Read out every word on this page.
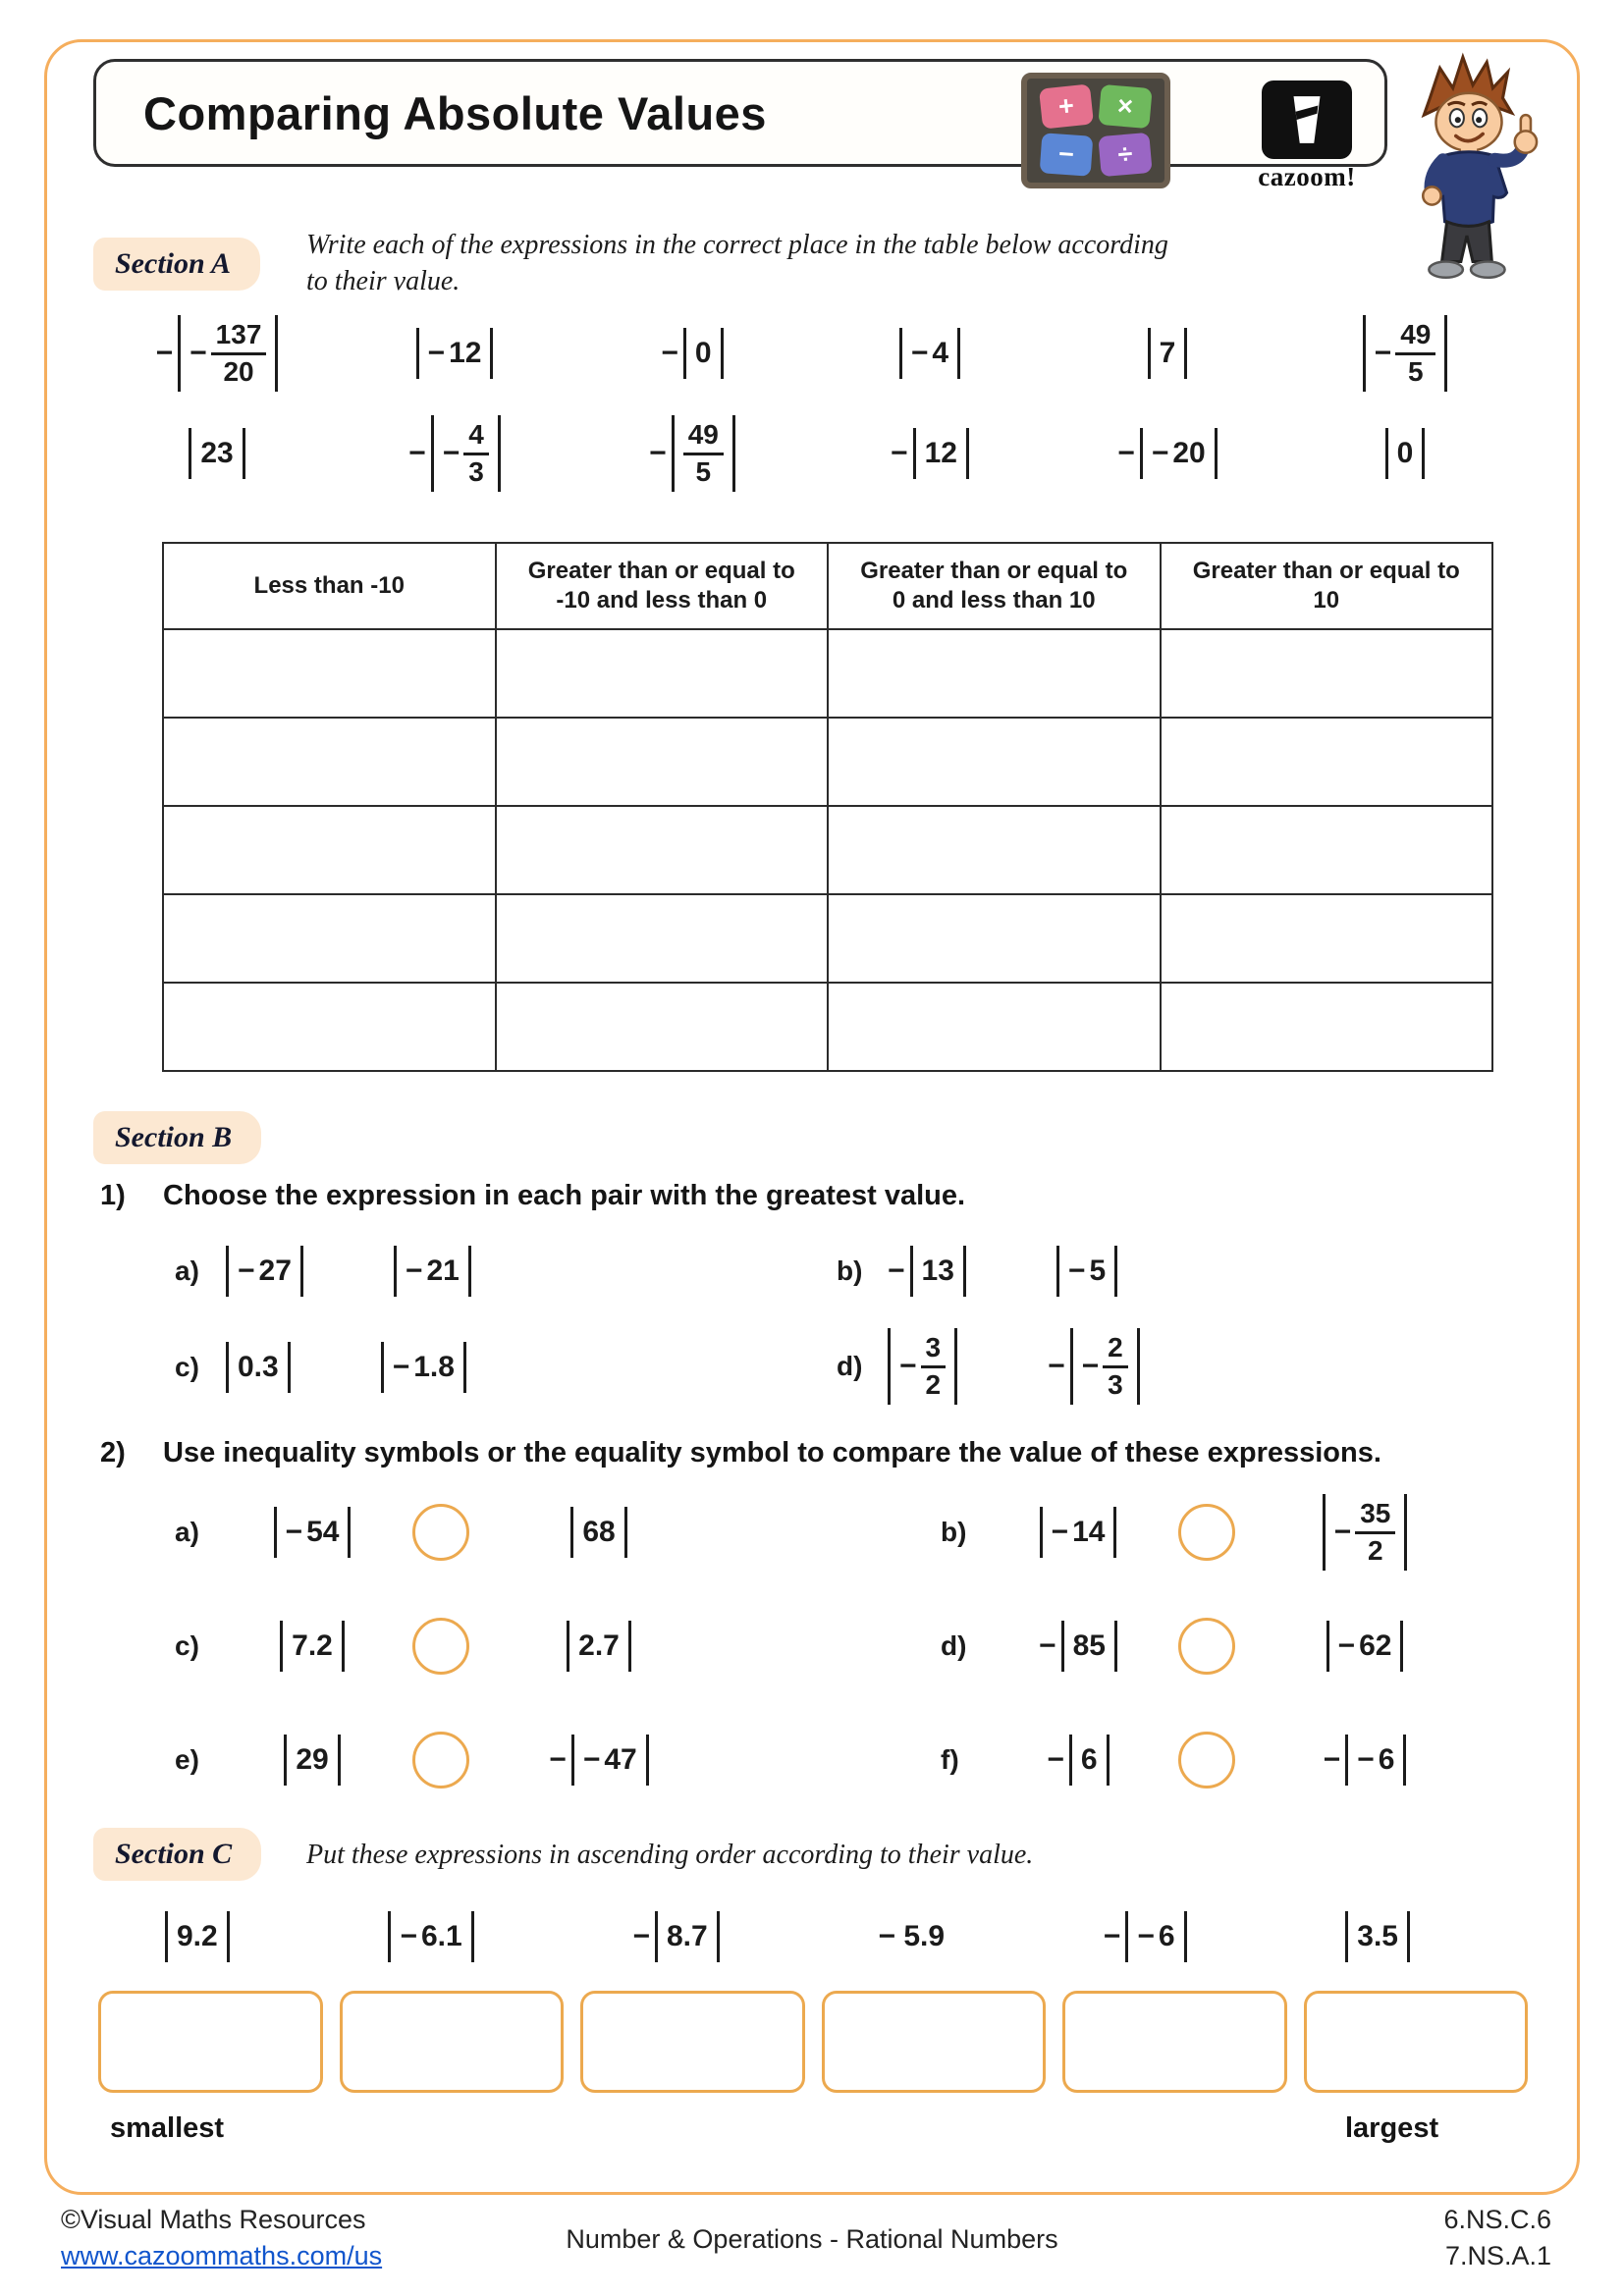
Comparing Absolute Values	+	×
−	÷
cazoom!
Section A
Write each of the expressions in the correct place in the table below according
to their value.
− − $\frac{137}{20}$	− 12	− 0	− 4	7	− $\frac{49}{5}$
23	− − $\frac{4}{3}$	− $\frac{49}{5}$	− 12	− − 20	0
Less than -10	Greater than or equal to -10 and less than 0	Greater than or equal to 0 and less than 10	Greater than or equal to 10

Section B
1)	Choose the expression in each pair with the greatest value.
a)	− 27	− 21	b) − 13	− 5
c)	0.3	− 1.8	d)	− $\frac{3}{2}$	− − $\frac{2}{3}$
2)	Use inequality symbols or the equality symbol to compare the value of these expressions.
a)	− 54	68	b)	− 14	− $\frac{35}{2}$
c)	7.2	2.7	d)	− 85	− 62
e)	29	− − 47	f)	− 6	− − 6
Section C	Put these expressions in ascending order according to their value.
9.2	− 6.1	− 8.7	− 5.9	− − 6	3.5
smallest	largest
©Visual Maths Resources
www.cazoommaths.com/us
Number & Operations - Rational Numbers
6.NS.C.6
7.NS.A.1
